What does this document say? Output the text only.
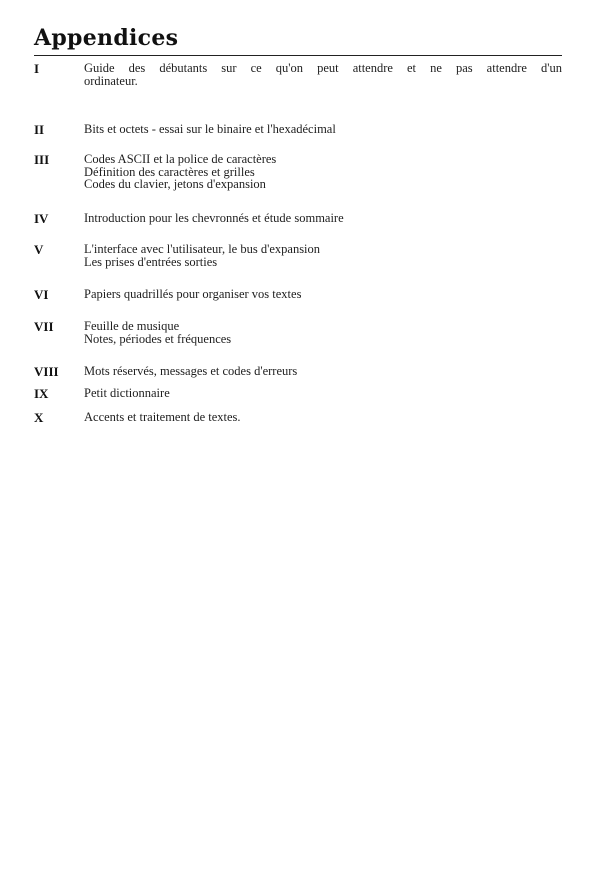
Appendices
I	Guide des débutants sur ce qu'on peut attendre et ne pas attendre d'un
ordinateur.
II	Bits et octets - essai sur le binaire et l'hexadécimal
III	Codes ASCII et la police de caractères
Définition des caractères et grilles
Codes du clavier, jetons d'expansion
IV	Introduction pour les chevronnés et étude sommaire
V	L'interface avec l'utilisateur, le bus d'expansion
Les prises d'entrées sorties
VI	Papiers quadrillés pour organiser vos textes
VII Feuille de musique
Notes, périodes et fréquences
VIII Mots réservés, messages et codes d'erreurs
IX	Petit dictionnaire
X	Accents et traitement de textes.
